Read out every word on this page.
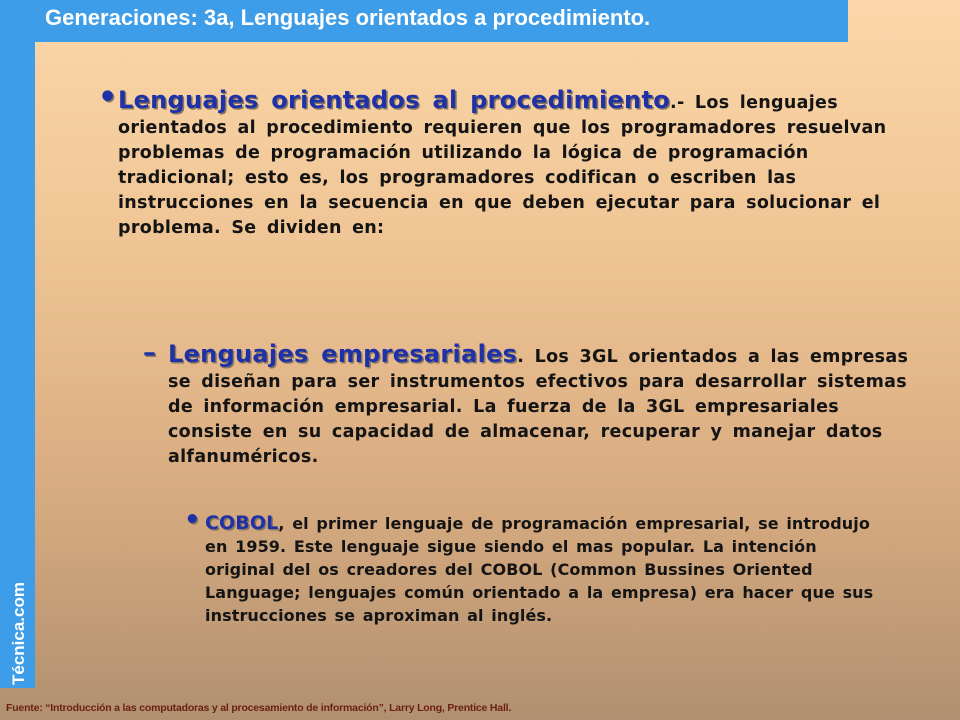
Generaciones: 3a, Lenguajes orientados a procedimiento.
• Lenguajes orientados al procedimiento.- Los lenguajes orientados al procedimiento requieren que los programadores resuelvan problemas de programación utilizando la lógica de programación tradicional; esto es, los programadores codifican o escriben las instrucciones en la secuencia en que deben ejecutar para solucionar el problema. Se dividen en:
– Lenguajes empresariales. Los 3GL orientados a las empresas se diseñan para ser instrumentos efectivos para desarrollar sistemas de información empresarial. La fuerza de la 3GL empresariales consiste en su capacidad de almacenar, recuperar y manejar datos alfanuméricos.
• COBOL, el primer lenguaje de programación empresarial, se introdujo en 1959. Este lenguaje sigue siendo el mas popular. La intención original del os creadores del COBOL (Common Bussines Oriented Language; lenguajes común orientado a la empresa) era hacer que sus instrucciones se aproximan al inglés.
Fuente: “Introducción a las computadoras y al procesamiento de información”, Larry Long, Prentice Hall.
